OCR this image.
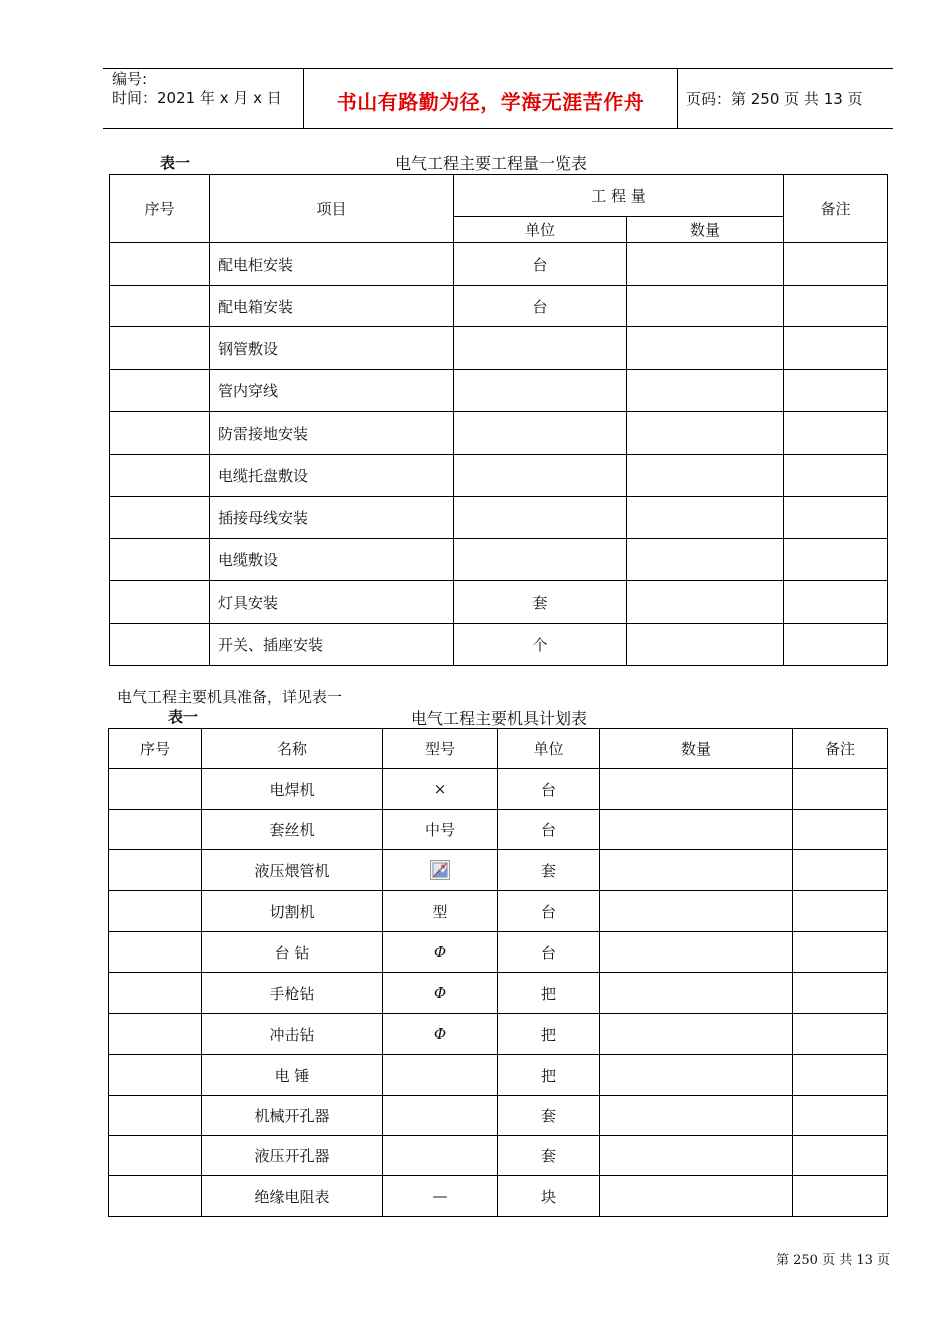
编号:
时间：2021 年 x 月 x 日	书山有路勤为径，学海无涯苦作舟	页码：第 250 页 共 13 页
表一	电气工程主要工程量一览表
序号	项目	工 程 量		备注
		单位	数量	
	配电柜安装	台		
	配电箱安装	台		
	钢管敷设			
	管内穿线			
	防雷接地安装			
	电缆托盘敷设			
	插接母线安装			
	电缆敷设			
	灯具安装	套		
	开关、插座安装	个		
电气工程主要机具准备，详见表一
表一	电气工程主要机具计划表
序号	名称	型号	单位	数量	备注
	电焊机	×	台		
	套丝机	中号	台		
	液压煨管机		套		
	切割机	型	台		
	台 钻	Φ	台		
	手枪钻	Φ	把		
	冲击钻	Φ	把		
	电 锤		把		
	机械开孔器		套		
	液压开孔器		套		
	绝缘电阻表	—	块		
第 250 页 共 13 页
